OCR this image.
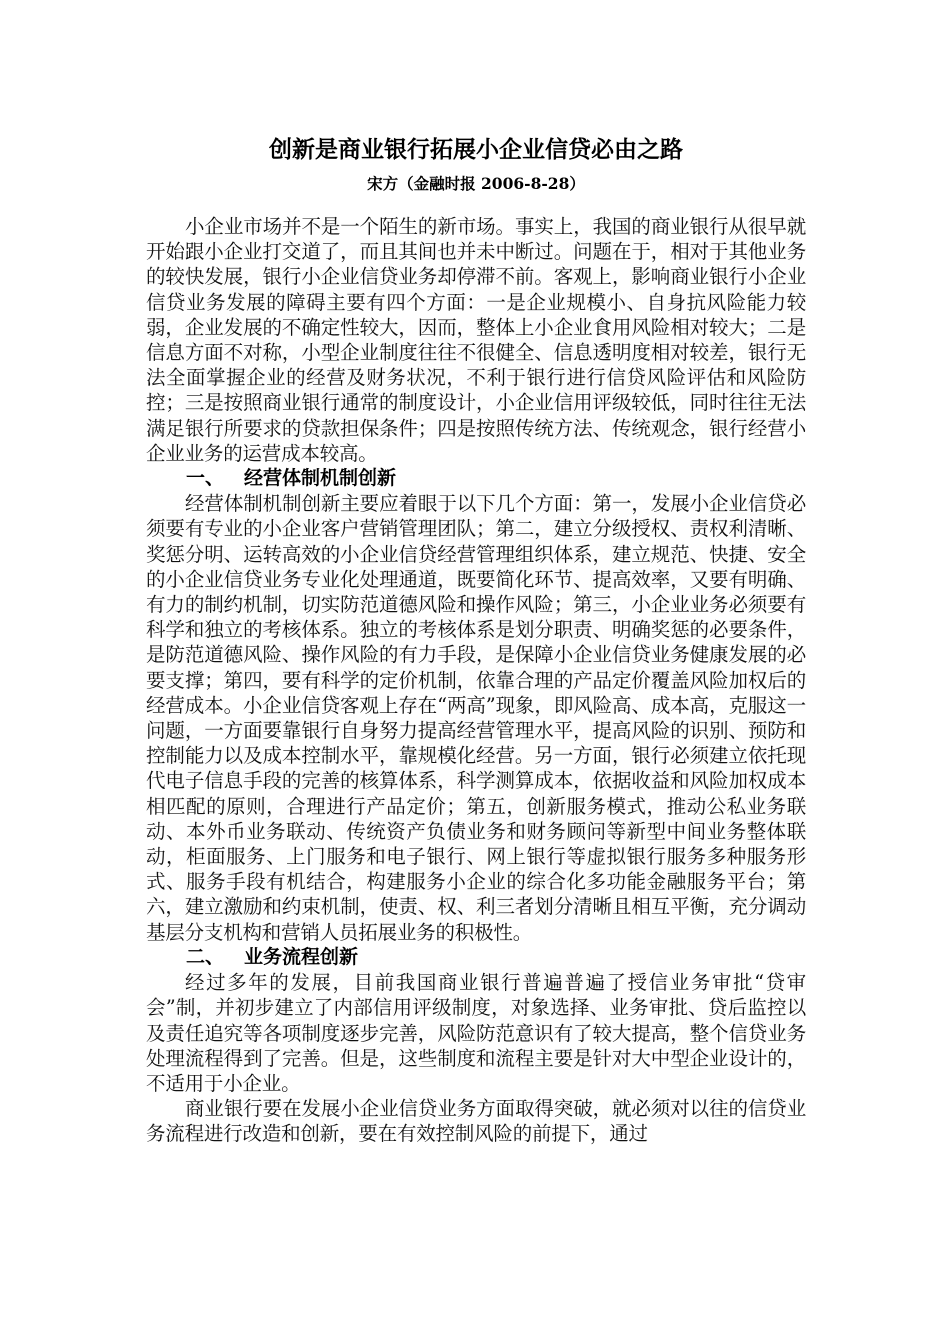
创新是商业银行拓展小企业信贷必由之路
宋方（金融时报 2006-8-28）

小企业市场并不是一个陌生的新市场。事实上，我国的商业银行从很早就开始跟小企业打交道了，而且其间也并未中断过。问题在于，相对于其他业务的较快发展，银行小企业信贷业务却停滞不前。客观上，影响商业银行小企业信贷业务发展的障碍主要有四个方面：一是企业规模小、自身抗风险能力较弱，企业发展的不确定性较大，因而，整体上小企业食用风险相对较大；二是信息方面不对称，小型企业制度往往不很健全、信息透明度相对较差，银行无法全面掌握企业的经营及财务状况，不利于银行进行信贷风险评估和风险防控；三是按照商业银行通常的制度设计，小企业信用评级较低，同时往往无法满足银行所要求的贷款担保条件；四是按照传统方法、传统观念，银行经营小企业业务的运营成本较高。

一、 经营体制机制创新

经营体制机制创新主要应着眼于以下几个方面：第一，发展小企业信贷必须要有专业的小企业客户营销管理团队；第二，建立分级授权、责权利清晰、奖惩分明、运转高效的小企业信贷经营管理组织体系，建立规范、快捷、安全的小企业信贷业务专业化处理通道，既要简化环节、提高效率，又要有明确、有力的制约机制，切实防范道德风险和操作风险；第三，小企业业务必须要有科学和独立的考核体系。独立的考核体系是划分职责、明确奖惩的必要条件，是防范道德风险、操作风险的有力手段，是保障小企业信贷业务健康发展的必要支撑；第四，要有科学的定价机制，依靠合理的产品定价覆盖风险加权后的经营成本。小企业信贷客观上存在“两高”现象，即风险高、成本高，克服这一问题，一方面要靠银行自身努力提高经营管理水平，提高风险的识别、预防和控制能力以及成本控制水平，靠规模化经营。另一方面，银行必须建立依托现代电子信息手段的完善的核算体系，科学测算成本，依据收益和风险加权成本相匹配的原则，合理进行产品定价；第五，创新服务模式，推动公私业务联动、本外币业务联动、传统资产负债业务和财务顾问等新型中间业务整体联动，柜面服务、上门服务和电子银行、网上银行等虚拟银行服务多种服务形式、服务手段有机结合，构建服务小企业的综合化多功能金融服务平台；第六，建立激励和约束机制，使责、权、利三者划分清晰且相互平衡，充分调动基层分支机构和营销人员拓展业务的积极性。

二、 业务流程创新

经过多年的发展，目前我国商业银行普遍普遍了授信业务审批“贷审会”制，并初步建立了内部信用评级制度，对象选择、业务审批、贷后监控以及责任追究等各项制度逐步完善，风险防范意识有了较大提高，整个信贷业务处理流程得到了完善。但是，这些制度和流程主要是针对大中型企业设计的，不适用于小企业。

商业银行要在发展小企业信贷业务方面取得突破，就必须对以往的信贷业务流程进行改造和创新，要在有效控制风险的前提下，通过
